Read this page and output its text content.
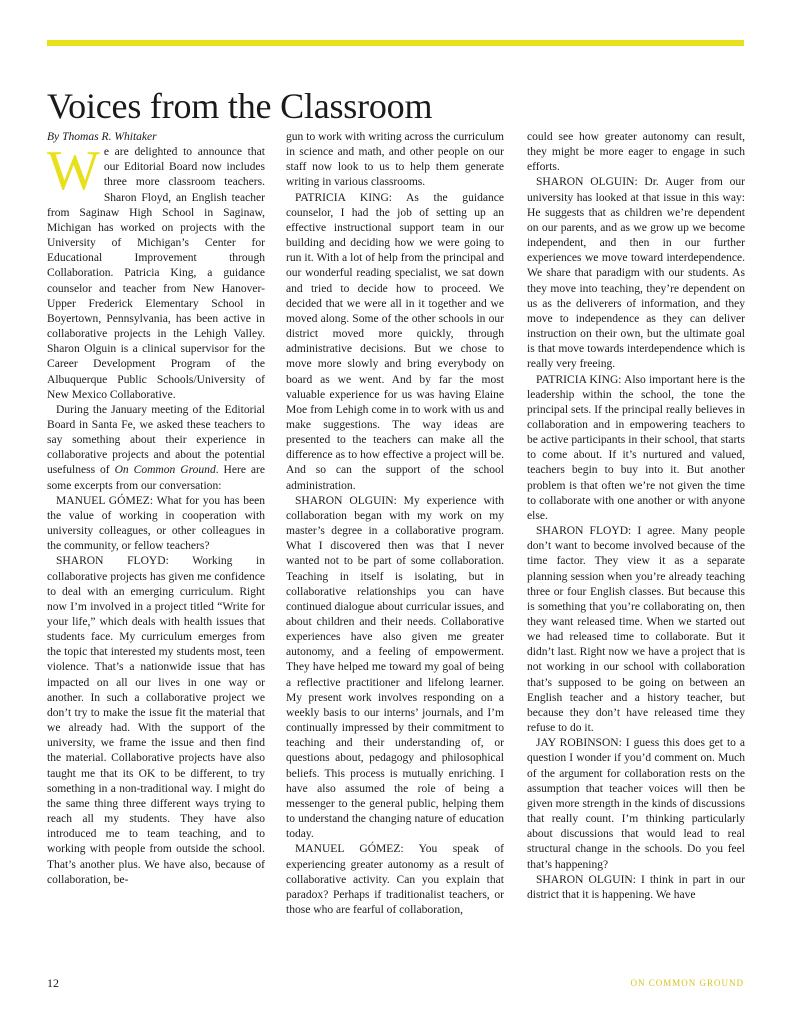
Voices from the Classroom

By Thomas R. Whitaker

We are delighted to announce that our Editorial Board now includes three more classroom teachers. Sharon Floyd, an English teacher from Saginaw High School in Saginaw, Michigan has worked on projects with the University of Michigan’s Center for Educational Improvement through Collaboration. Patricia King, a guidance counselor and teacher from New Hanover-Upper Frederick Elementary School in Boyertown, Pennsylvania, has been active in collaborative projects in the Lehigh Valley. Sharon Olguin is a clinical supervisor for the Career Development Program of the Albuquerque Public Schools/University of New Mexico Collaborative.

During the January meeting of the Editorial Board in Santa Fe, we asked these teachers to say something about their experience in collaborative projects and about the potential usefulness of On Common Ground. Here are some excerpts from our conversation:

MANUEL GÓMEZ: What for you has been the value of working in cooperation with university colleagues, or other colleagues in the community, or fellow teachers?

SHARON FLOYD: Working in collaborative projects has given me confidence to deal with an emerging curriculum. Right now I’m involved in a project titled “Write for your life,” which deals with health issues that students face. My curriculum emerges from the topic that interested my students most, teen violence. That’s a nationwide issue that has impacted on all our lives in one way or another. In such a collaborative project we don’t try to make the issue fit the material that we already had. With the support of the university, we frame the issue and then find the material. Collaborative projects have also taught me that its OK to be different, to try something in a non-traditional way. I might do the same thing three different ways trying to reach all my students. They have also introduced me to team teaching, and to working with people from outside the school. That’s another plus. We have also, because of collaboration, be-

gun to work with writing across the curriculum in science and math, and other people on our staff now look to us to help them generate writing in various classrooms.

PATRICIA KING: As the guidance counselor, I had the job of setting up an effective instructional support team in our building and deciding how we were going to run it. With a lot of help from the principal and our wonderful reading specialist, we sat down and tried to decide how to proceed. We decided that we were all in it together and we moved along. Some of the other schools in our district moved more quickly, through administrative decisions. But we chose to move more slowly and bring everybody on board as we went. And by far the most valuable experience for us was having Elaine Moe from Lehigh come in to work with us and make suggestions. The way ideas are presented to the teachers can make all the difference as to how effective a project will be. And so can the support of the school administration.

SHARON OLGUIN: My experience with collaboration began with my work on my master’s degree in a collaborative program. What I discovered then was that I never wanted not to be part of some collaboration. Teaching in itself is isolating, but in collaborative relationships you can have continued dialogue about curricular issues, and about children and their needs. Collaborative experiences have also given me greater autonomy, and a feeling of empowerment. They have helped me toward my goal of being a reflective practitioner and lifelong learner. My present work involves responding on a weekly basis to our interns’ journals, and I’m continually impressed by their commitment to teaching and their understanding of, or questions about, pedagogy and philosophical beliefs. This process is mutually enriching. I have also assumed the role of being a messenger to the general public, helping them to understand the changing nature of education today.

MANUEL GÓMEZ: You speak of experiencing greater autonomy as a result of collaborative activity. Can you explain that paradox? Perhaps if traditionalist teachers, or those who are fearful of collaboration,

could see how greater autonomy can result, they might be more eager to engage in such efforts.

SHARON OLGUIN: Dr. Auger from our university has looked at that issue in this way: He suggests that as children we’re dependent on our parents, and as we grow up we become independent, and then in our further experiences we move toward interdependence. We share that paradigm with our students. As they move into teaching, they’re dependent on us as the deliverers of information, and they move to independence as they can deliver instruction on their own, but the ultimate goal is that move towards interdependence which is really very freeing.

PATRICIA KING: Also important here is the leadership within the school, the tone the principal sets. If the principal really believes in collaboration and in empowering teachers to be active participants in their school, that starts to come about. If it’s nurtured and valued, teachers begin to buy into it. But another problem is that often we’re not given the time to collaborate with one another or with anyone else.

SHARON FLOYD: I agree. Many people don’t want to become involved because of the time factor. They view it as a separate planning session when you’re already teaching three or four English classes. But because this is something that you’re collaborating on, then they want released time. When we started out we had released time to collaborate. But it didn’t last. Right now we have a project that is not working in our school with collaboration that’s supposed to be going on between an English teacher and a history teacher, but because they don’t have released time they refuse to do it.

JAY ROBINSON: I guess this does get to a question I wonder if you’d comment on. Much of the argument for collaboration rests on the assumption that teacher voices will then be given more strength in the kinds of discussions that really count. I’m thinking particularly about discussions that would lead to real structural change in the schools. Do you feel that’s happening?

SHARON OLGUIN: I think in part in our district that it is happening. We have

12	ON COMMON GROUND
